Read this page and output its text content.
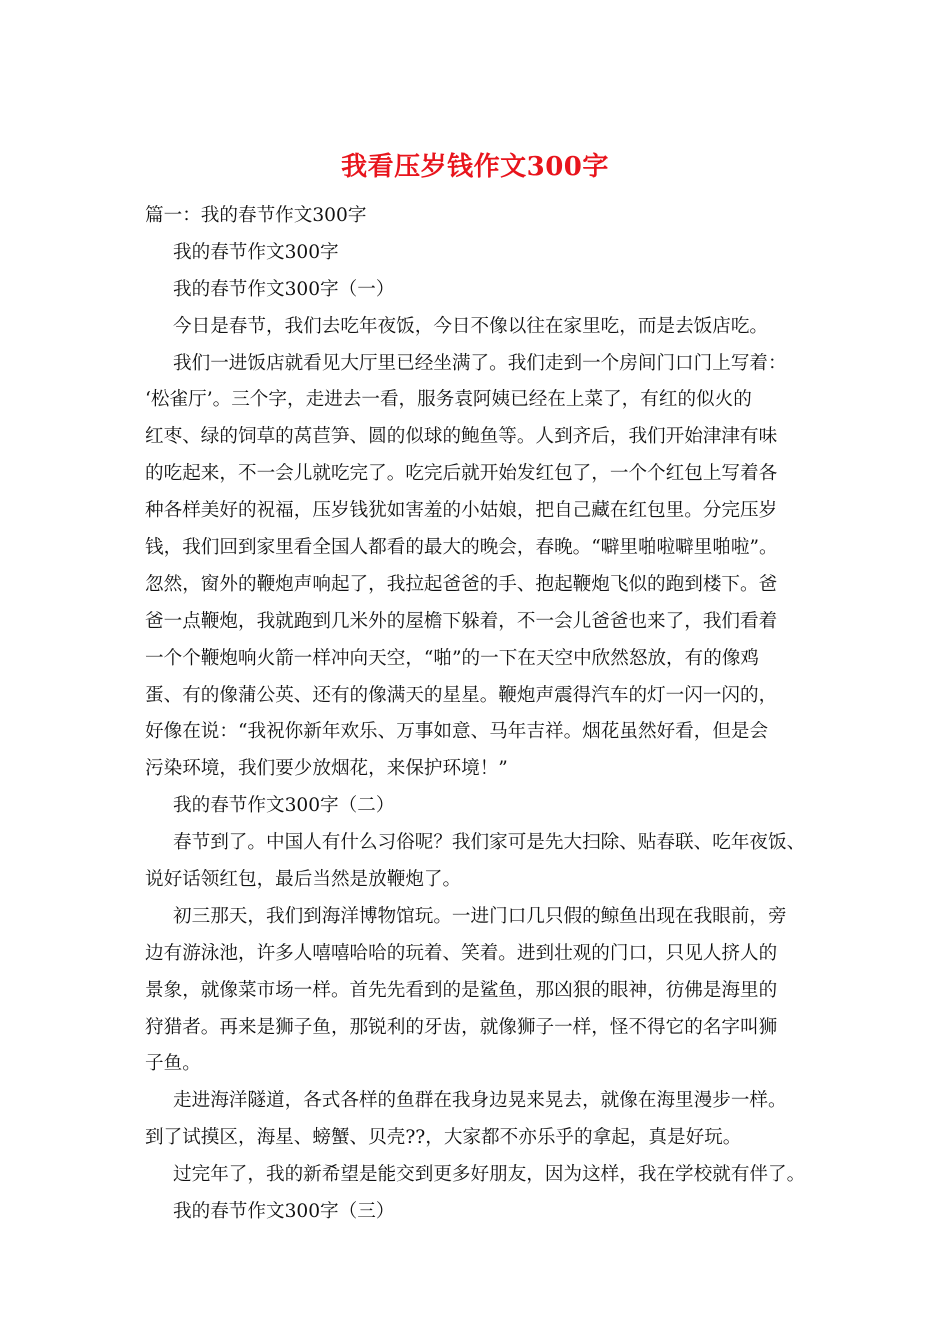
我看压岁钱作文300字
篇一：我的春节作文300字
我的春节作文300字
我的春节作文300字（一）
今日是春节，我们去吃年夜饭，今日不像以往在家里吃，而是去饭店吃。
我们一进饭店就看见大厅里已经坐满了。我们走到一个房间门口门上写着：
‘松雀厅’。三个字，走进去一看，服务袁阿姨已经在上菜了，有红的似火的
红枣、绿的饲草的莴苣笋、圆的似球的鲍鱼等。人到齐后，我们开始津津有味
的吃起来，不一会儿就吃完了。吃完后就开始发红包了，一个个红包上写着各
种各样美好的祝福，压岁钱犹如害羞的小姑娘，把自己藏在红包里。分完压岁
钱，我们回到家里看全国人都看的最大的晚会，春晚。“噼里啪啦噼里啪啦”。
忽然，窗外的鞭炮声响起了，我拉起爸爸的手、抱起鞭炮飞似的跑到楼下。爸
爸一点鞭炮，我就跑到几米外的屋檐下躲着，不一会儿爸爸也来了，我们看着
一个个鞭炮响火箭一样冲向天空，“啪”的一下在天空中欣然怒放，有的像鸡
蛋、有的像蒲公英、还有的像满天的星星。鞭炮声震得汽车的灯一闪一闪的，
好像在说：“我祝你新年欢乐、万事如意、马年吉祥。烟花虽然好看，但是会
污染环境，我们要少放烟花，来保护环境！”
我的春节作文300字（二）
春节到了。中国人有什么习俗呢？我们家可是先大扫除、贴春联、吃年夜饭、
说好话领红包，最后当然是放鞭炮了。
初三那天，我们到海洋博物馆玩。一进门口几只假的鲸鱼出现在我眼前，旁
边有游泳池，许多人嘻嘻哈哈的玩着、笑着。进到壮观的门口，只见人挤人的
景象，就像菜市场一样。首先先看到的是鲨鱼，那凶狠的眼神，彷佛是海里的
狩猎者。再来是狮子鱼，那锐利的牙齿，就像狮子一样，怪不得它的名字叫狮
子鱼。
走进海洋隧道，各式各样的鱼群在我身边晃来晃去，就像在海里漫步一样。
到了试摸区，海星、螃蟹、贝壳??，大家都不亦乐乎的拿起，真是好玩。
过完年了，我的新希望是能交到更多好朋友，因为这样，我在学校就有伴了。
我的春节作文300字（三）
